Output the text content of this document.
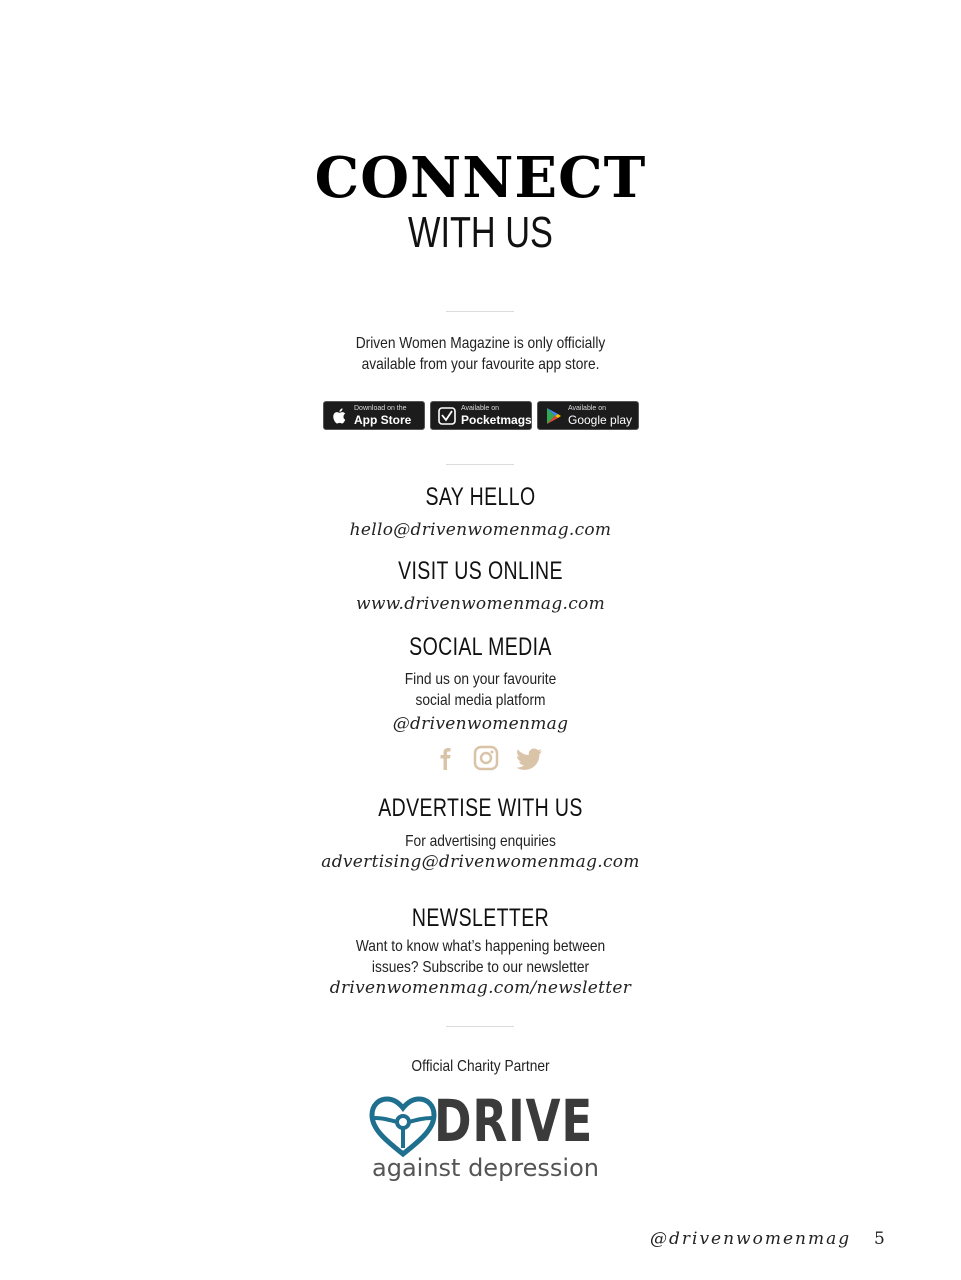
CONNECT
WITH US
Driven Women Magazine is only officially
available from your favourite app store.
Download on the
App Store
Available on
Pocketmags
Available on
Google play
SAY HELLO
hello@drivenwomenmag.com
VISIT US ONLINE
www.drivenwomenmag.com
SOCIAL MEDIA
Find us on your favourite
social media platform
@drivenwomenmag
ADVERTISE WITH US
For advertising enquiries
advertising@drivenwomenmag.com
NEWSLETTER
Want to know what’s happening between
issues? Subscribe to our newsletter
drivenwomenmag.com/newsletter
Official Charity Partner
DRIVE
against depression
@drivenwomenmag 5
